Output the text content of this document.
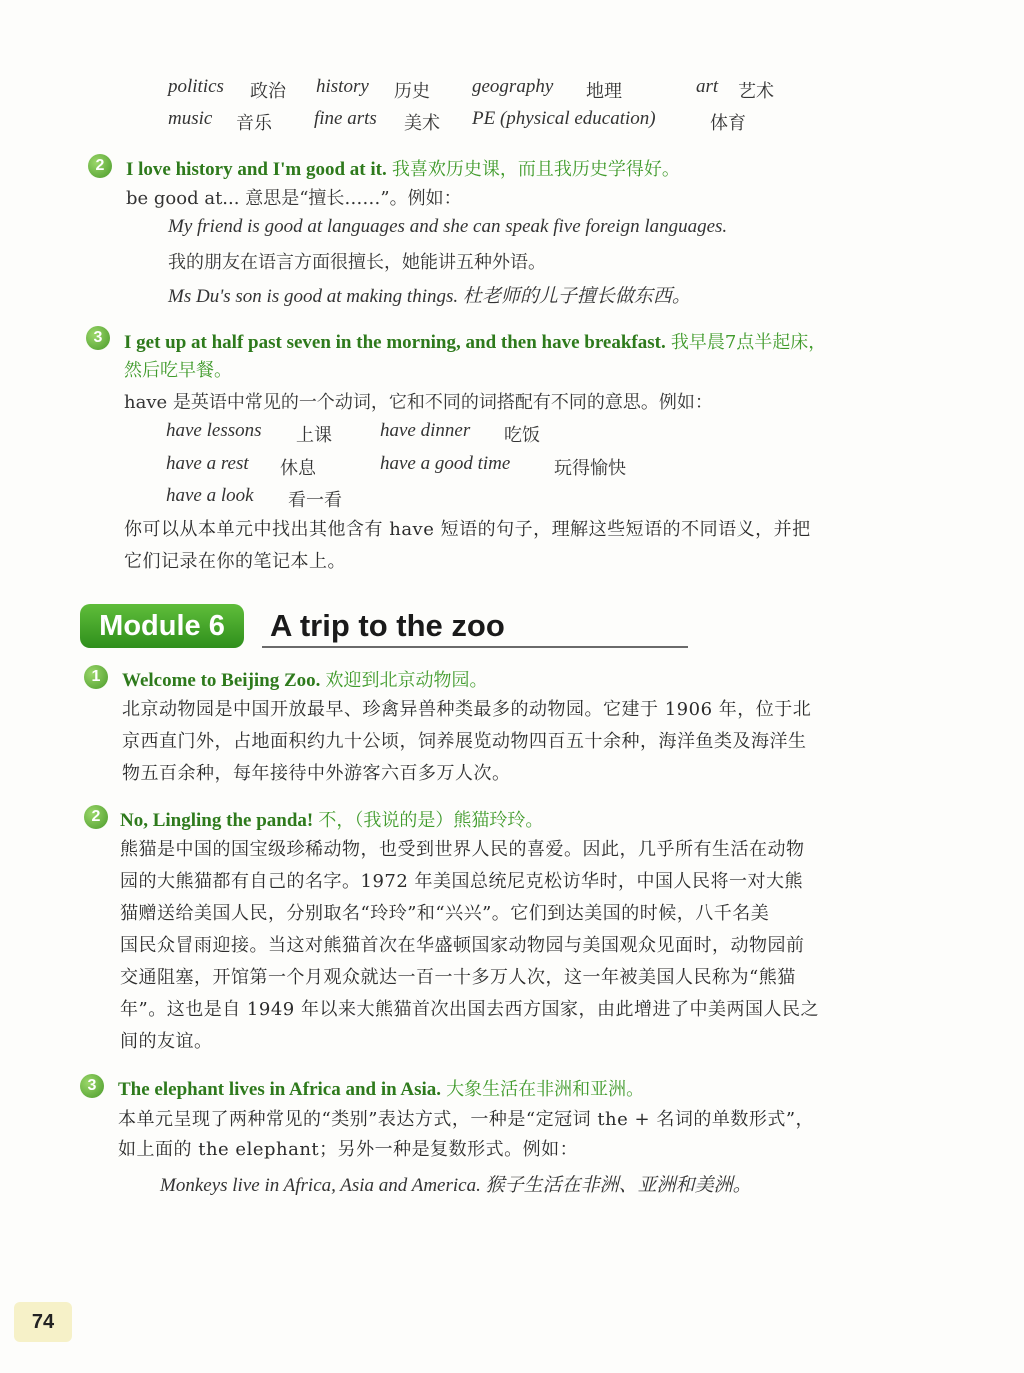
politics 政治 history 历史 geography 地理	art 艺术
music 音乐 fine arts 美术 PE (physical education)	体育
2	I love history and I'm good at it. 我喜欢历史课，而且我历史学得好。
be good at... 意思是“擅长……”。例如：
My friend is good at languages and she can speak five foreign languages.
我的朋友在语言方面很擅长，她能讲五种外语。
Ms Du's son is good at making things. 杜老师的儿子擅长做东西。
3	I get up at half past seven in the morning, and then have breakfast. 我早晨7点半起床，
然后吃早餐。
have 是英语中常见的一个动词，它和不同的词搭配有不同的意思。例如：
have lessons 上课	have dinner 吃饭
have a rest 休息	have a good time 玩得愉快
have a look 看一看
你可以从本单元中找出其他含有 have 短语的句子，理解这些短语的不同语义，并把
它们记录在你的笔记本上。
Module 6	A trip to the zoo
1	Welcome to Beijing Zoo. 欢迎到北京动物园。
北京动物园是中国开放最早、珍禽异兽种类最多的动物园。它建于 1906 年，位于北
京西直门外，占地面积约九十公顷，饲养展览动物四百五十余种，海洋鱼类及海洋生
物五百余种，每年接待中外游客六百多万人次。
2	No, Lingling the panda! 不，（我说的是）熊猫玲玲。
熊猫是中国的国宝级珍稀动物，也受到世界人民的喜爱。因此，几乎所有生活在动物
园的大熊猫都有自己的名字。1972 年美国总统尼克松访华时，中国人民将一对大熊
猫赠送给美国人民，分别取名“玲玲”和“兴兴”。它们到达美国的时候，八千名美
国民众冒雨迎接。当这对熊猫首次在华盛顿国家动物园与美国观众见面时，动物园前
交通阻塞，开馆第一个月观众就达一百一十多万人次，这一年被美国人民称为“熊猫
年”。这也是自 1949 年以来大熊猫首次出国去西方国家，由此增进了中美两国人民之
间的友谊。
3	The elephant lives in Africa and in Asia. 大象生活在非洲和亚洲。
本单元呈现了两种常见的“类别”表达方式，一种是“定冠词 the + 名词的单数形式”，
如上面的 the elephant；另外一种是复数形式。例如：
Monkeys live in Africa, Asia and America. 猴子生活在非洲、亚洲和美洲。
74
